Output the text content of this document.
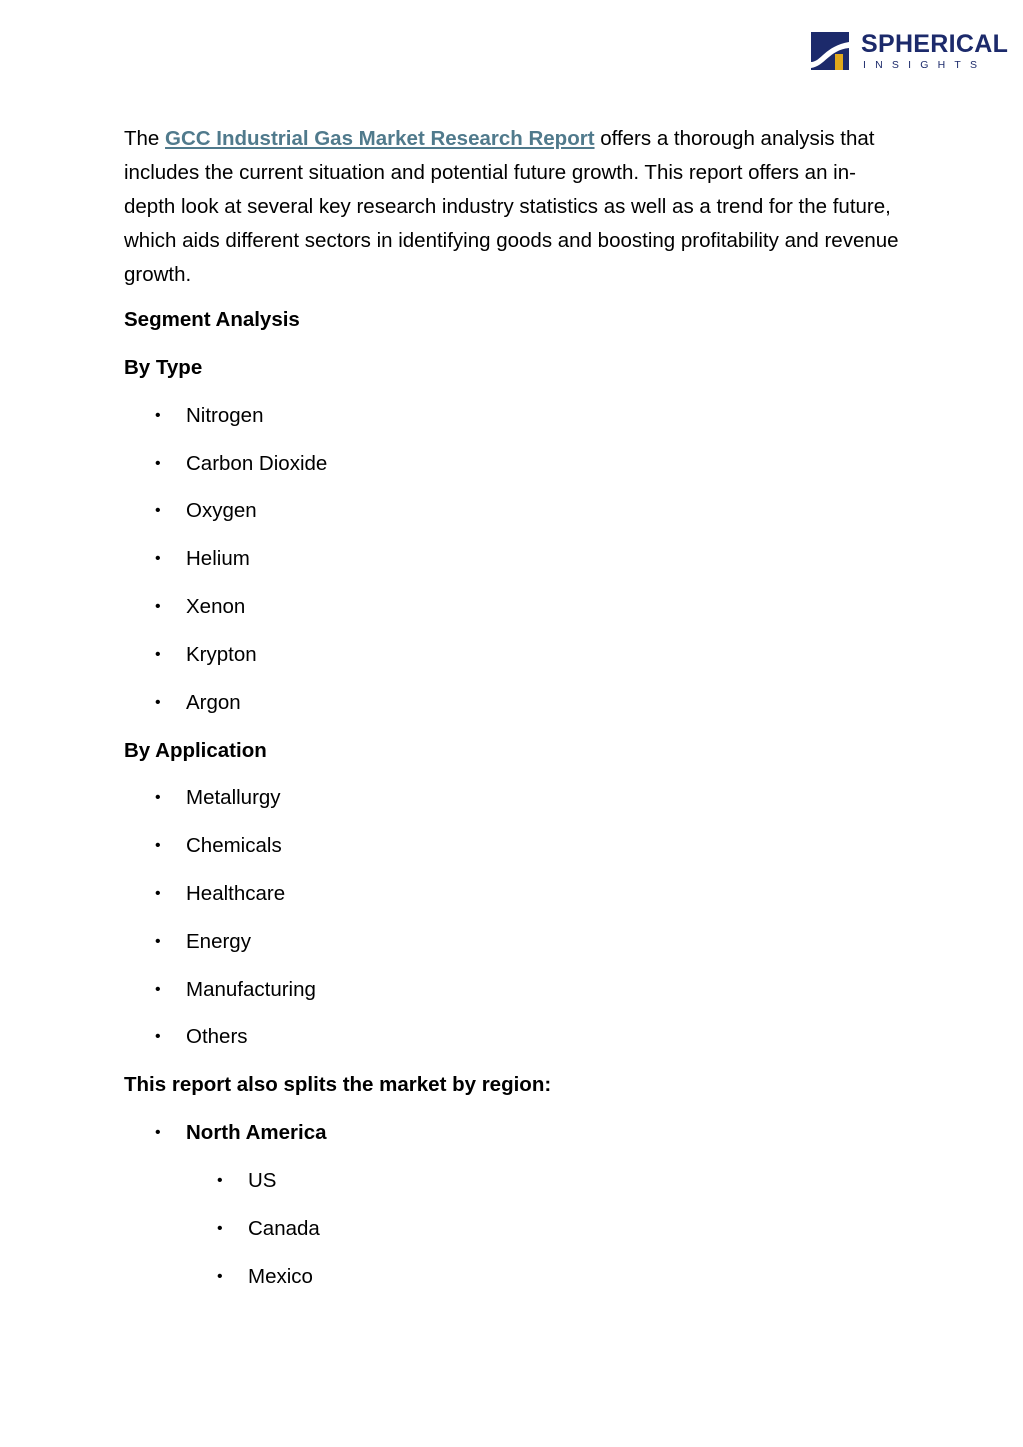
SPHERICAL
INSIGHTS

The GCC Industrial Gas Market Research Report offers a thorough analysis that includes the current situation and potential future growth. This report offers an in-depth look at several key research industry statistics as well as a trend for the future, which aids different sectors in identifying goods and boosting profitability and revenue growth.

Segment Analysis
By Type
• Nitrogen
• Carbon Dioxide
• Oxygen
• Helium
• Xenon
• Krypton
• Argon
By Application
• Metallurgy
• Chemicals
• Healthcare
• Energy
• Manufacturing
• Others
This report also splits the market by region:
• North America
• US
• Canada
• Mexico
